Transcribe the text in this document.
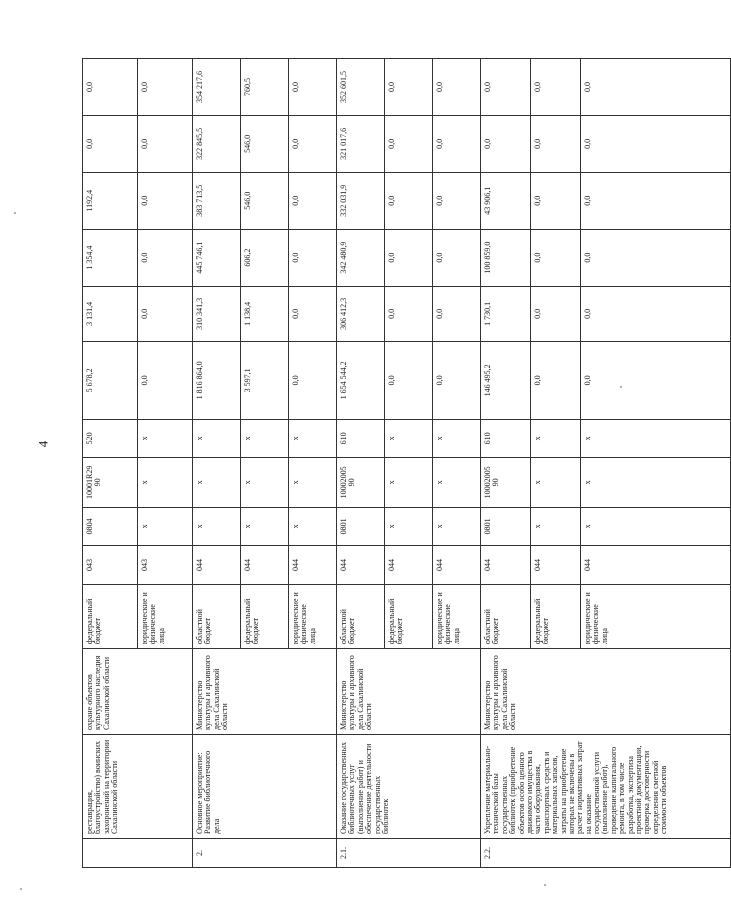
4
	реставрация, благоустройство) воинских захоронений на территории Сахалинской области	охране объектов культурного наследия Сахалинской области	федеральный бюджет	043	0804	10001R29 90	520	5 678,2	3 131,4	1 354,4	1192,4	0,0	0,0
			юридические и физические лица	043	х	х	х	0,0	0,0	0,0	0,0	0,0	0,0
2.	Основное мероприятие: Развитие библиотечного дела	Министерство культуры и архивного дела Сахалинской области	областной бюджет	044	х	х	х	1 816 864,0	310 341,3	445 746,1	383 713,5	322 845,5	354 217,6
			федеральный бюджет	044	х	х	х	3 597,1	1 138,4	606,2	546,0	546,0	760,5
			юридические и физические лица	044	х	х	х	0,0	0,0	0,0	0,0	0,0	0,0
2.1.	Оказание государственных библиотечных услуг (выполнение работ) и обеспечение деятельности государственных библиотек	Министерство культуры и архивного дела Сахалинской области	областной бюджет	044	0801	10002005 90	610	1 654 544,2	306 412,3	342 480,9	332 031,9	321 017,6	352 601,5
			федеральный бюджет	044	х	х	х	0,0	0,0	0,0	0,0	0,0	0,0
			юридические и физические лица	044	х	х	х	0,0	0,0	0,0	0,0	0,0	0,0
2.2.	Укрепление материально-технической базы государственных библиотек (приобретение объектов особо ценного движимого имущества в части оборудования, транспортных средств и материальных запасов, затраты на приобретение которых не включены в расчет нормативных затрат на оказание государственной услуги (выполнение работ), проведение капитального ремонта, в том числе разработка, экспертиза проектной документации, проверка достоверности определения сметной стоимости объектов	Министерство культуры и архивного дела Сахалинской области	областной бюджет	044	0801	10002005 90	610	146 495,2	1 730,1	100 859,0	43 906,1	0,0	0,0
			федеральный бюджет	044	х	х	х	0,0	0,0	0,0	0,0	0,0	0,0
			юридические и физические лица	044	х	х	х	0,0	0,0	0,0	0,0	0,0	0,0
